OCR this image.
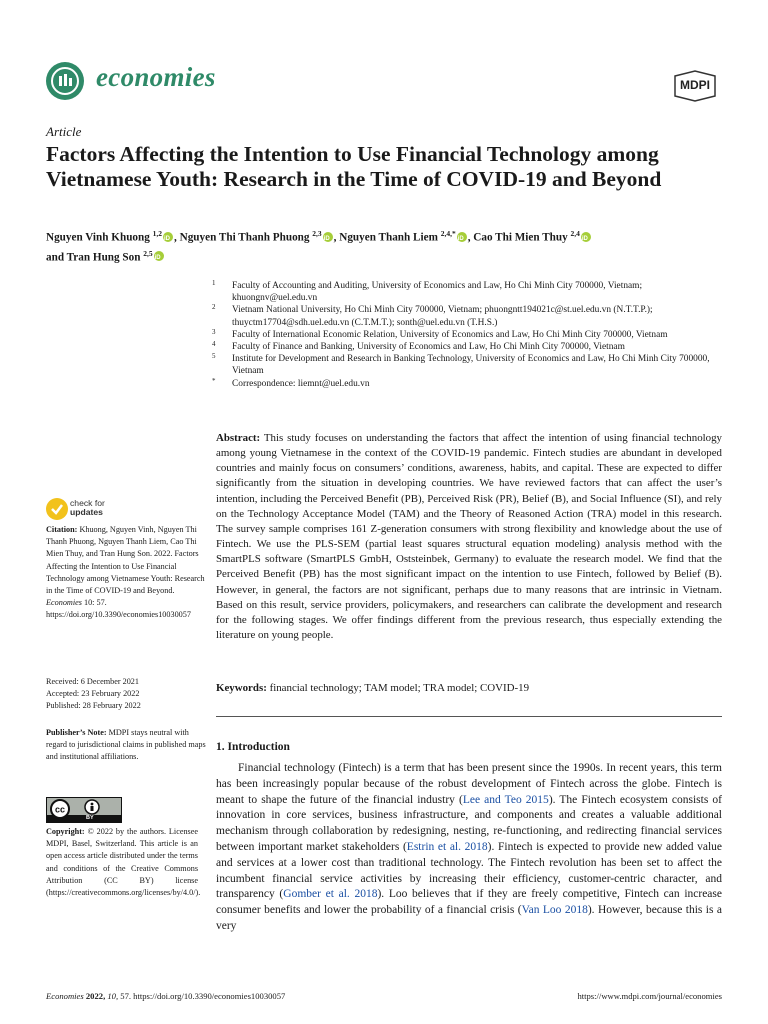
economies	MDPI
Article
Factors Affecting the Intention to Use Financial Technology among Vietnamese Youth: Research in the Time of COVID-19 and Beyond
Nguyen Vinh Khuong $^{1,2}$ iD , Nguyen Thi Thanh Phuong $^{2,3}$ iD , Nguyen Thanh Liem $^{2,4,*}$ iD , Cao Thi Mien Thuy $^{2,4}$iD
and Tran Hung Son $^{2,5}$iD
1 Faculty of Accounting and Auditing, University of Economics and Law, Ho Chi Minh City 700000, Vietnam; khuongnv@uel.edu.vn
2 Vietnam National University, Ho Chi Minh City 700000, Vietnam; phuongntt194021c@st.uel.edu.vn (N.T.T.P.); thuyctm17704@sdh.uel.edu.vn (C.T.M.T.); sonth@uel.edu.vn (T.H.S.)
3 Faculty of International Economic Relation, University of Economics and Law, Ho Chi Minh City 700000, Vietnam
4 Faculty of Finance and Banking, University of Economics and Law, Ho Chi Minh City 700000, Vietnam
5 Institute for Development and Research in Banking Technology, University of Economics and Law, Ho Chi Minh City 700000, Vietnam
* Correspondence: liemnt@uel.edu.vn
Abstract: This study focuses on understanding the factors that affect the intention of using financial technology among young Vietnamese in the context of the COVID-19 pandemic. Fintech studies are abundant in developed countries and mainly focus on consumers’ conditions, awareness, habits, and capital. These are expected to differ significantly from the situation in developing countries. We have reviewed factors that can affect the user’s intention, including the Perceived Benefit (PB), Perceived Risk (PR), Belief (B), and Social Influence (SI), and rely on the Technology Acceptance Model (TAM) and the Theory of Reasoned Action (TRA) model in this research. The survey sample comprises 161 Z-generation consumers with strong flexibility and knowledge about the use of Fintech. We use the PLS-SEM (partial least squares structural equation modeling) analysis method with the SmartPLS software (SmartPLS GmbH, Oststeinbek, Germany) to evaluate the research model. We find that the Perceived Benefit (PB) has the most significant impact on the intention to use Fintech, followed by Belief (B). However, in general, the factors are not significant, perhaps due to many reasons that are intrinsic in Vietnam. Based on this result, service providers, policymakers, and researchers can calibrate the development and research for the following stages. We offer findings different from the previous research, thus especially extending the literature on young people.
Keywords: financial technology; TAM model; TRA model; COVID-19
check for
updates
Citation: Khuong, Nguyen Vinh, Nguyen Thi Thanh Phuong, Nguyen Thanh Liem, Cao Thi Mien Thuy, and Tran Hung Son. 2022. Factors Affecting the Intention to Use Financial Technology among Vietnamese Youth: Research in the Time of COVID-19 and Beyond. Economies 10: 57. https://doi.org/10.3390/economies10030057
Received: 6 December 2021
Accepted: 23 February 2022
Published: 28 February 2022
Publisher’s Note: MDPI stays neutral with regard to jurisdictional claims in published maps and institutional affiliations.
cc
BY
Copyright: © 2022 by the authors. Licensee MDPI, Basel, Switzerland. This article is an open access article distributed under the terms and conditions of the Creative Commons Attribution (CC BY) license (https://creativecommons.org/licenses/by/4.0/).
1. Introduction
Financial technology (Fintech) is a term that has been present since the 1990s. In recent years, this term has been increasingly popular because of the robust development of Fintech across the globe. Fintech is meant to shape the future of the financial industry (Lee and Teo 2015). The Fintech ecosystem consists of innovation in core services, business infrastructure, and components and creates a valuable additional mechanism through collaboration by redesigning, nesting, re-functioning, and redirecting financial services between important market stakeholders (Estrin et al. 2018). Fintech is expected to provide new added value and services at a lower cost than traditional technology. The Fintech revolution has been set to affect the incumbent financial service activities by increasing their efficiency, customer-centric character, and transparency (Gomber et al. 2018). Loo believes that if they are freely competitive, Fintech can increase consumer benefits and lower the probability of a financial crisis (Van Loo 2018). However, because this is a very
Economies 2022, 10, 57. https://doi.org/10.3390/economies10030057	https://www.mdpi.com/journal/economies
